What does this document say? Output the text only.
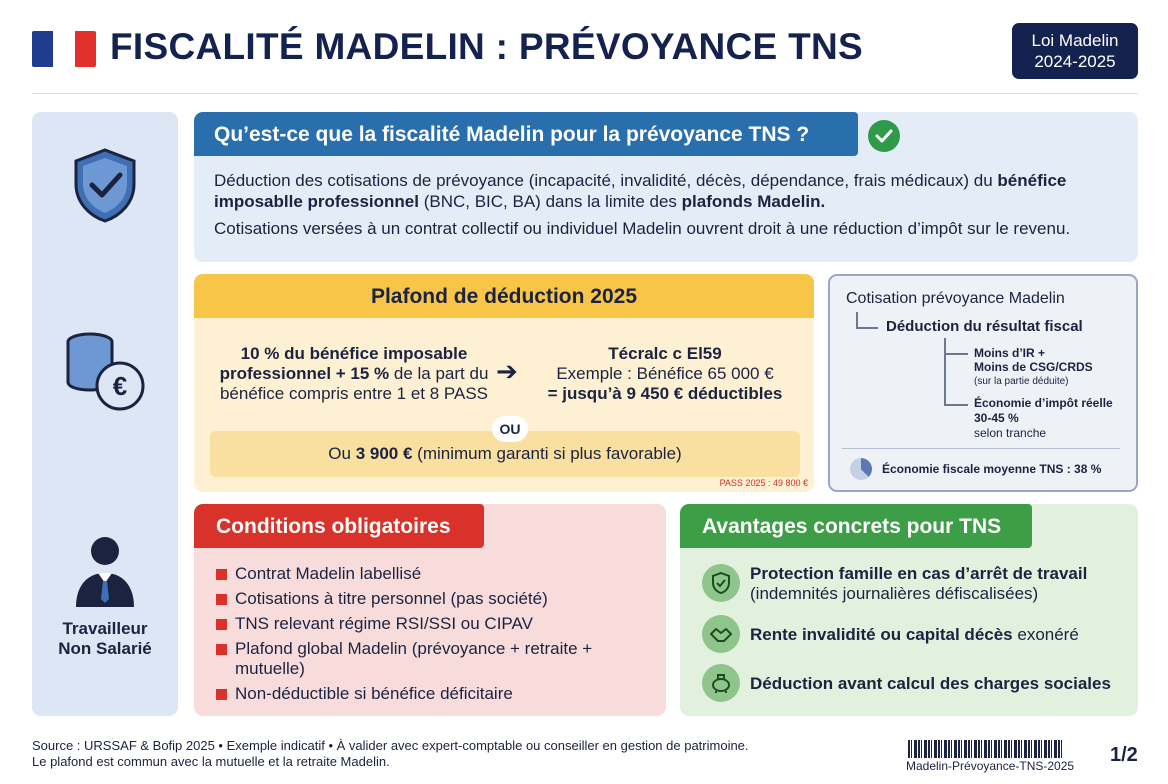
FISCALITÉ MADELIN : PRÉVOYANCE TNS	Loi Madelin
2024-2025
€
Travailleur
Non Salarié
Qu’est-ce que la fiscalité Madelin pour la prévoyance TNS ?
Déduction des cotisations de prévoyance (incapacité, invalidité, décès, dépendance, frais médicaux) du bénéfice imposablle professionnel (BNC, BIC, BA) dans la limite des plafonds Madelin.
Cotisations versées à un contrat collectif ou individuel Madelin ouvrent droit à une réduction d’impôt sur le revenu.
Plafond de déduction 2025
10 % du bénéfice imposable professionnel + 15 % de la part du bénéfice compris entre 1 et 8 PASS
➔
Técralc c El59
Exemple : Bénéfice 65 000 €
= jusqu’à 9 450 € déductibles
Ou 3 900 € (minimum garanti si plus favorable)
OU
PASS 2025 : 49 800 €
Cotisation prévoyance Madelin
Déduction du résultat fiscal
Moins d’IR +
Moins de CSG/CRDS
(sur la partie déduite)
Économie d’impôt réelle
30-45 %
selon tranche
Économie fiscale moyenne TNS : 38 %
Conditions obligatoires
Contrat Madelin labellisé
Cotisations à titre personnel (pas société)
TNS relevant régime RSI/SSI ou CIPAV
Plafond global Madelin (prévoyance + retraite + mutuelle)
Non-déductible si bénéfice déficitaire
Avantages concrets pour TNS
Protection famille en cas d’arrêt de travail
(indemnités journalières défiscalisées)
Rente invalidité ou capital décès exonéré
Déduction avant calcul des charges sociales
Source : URSSAF & Bofip 2025 • Exemple indicatif • À valider avec expert-comptable ou conseiller en gestion de patrimoine.
Le plafond est commun avec la mutuelle et la retraite Madelin.	Madelin-Prévoyance-TNS-2025 1/2
